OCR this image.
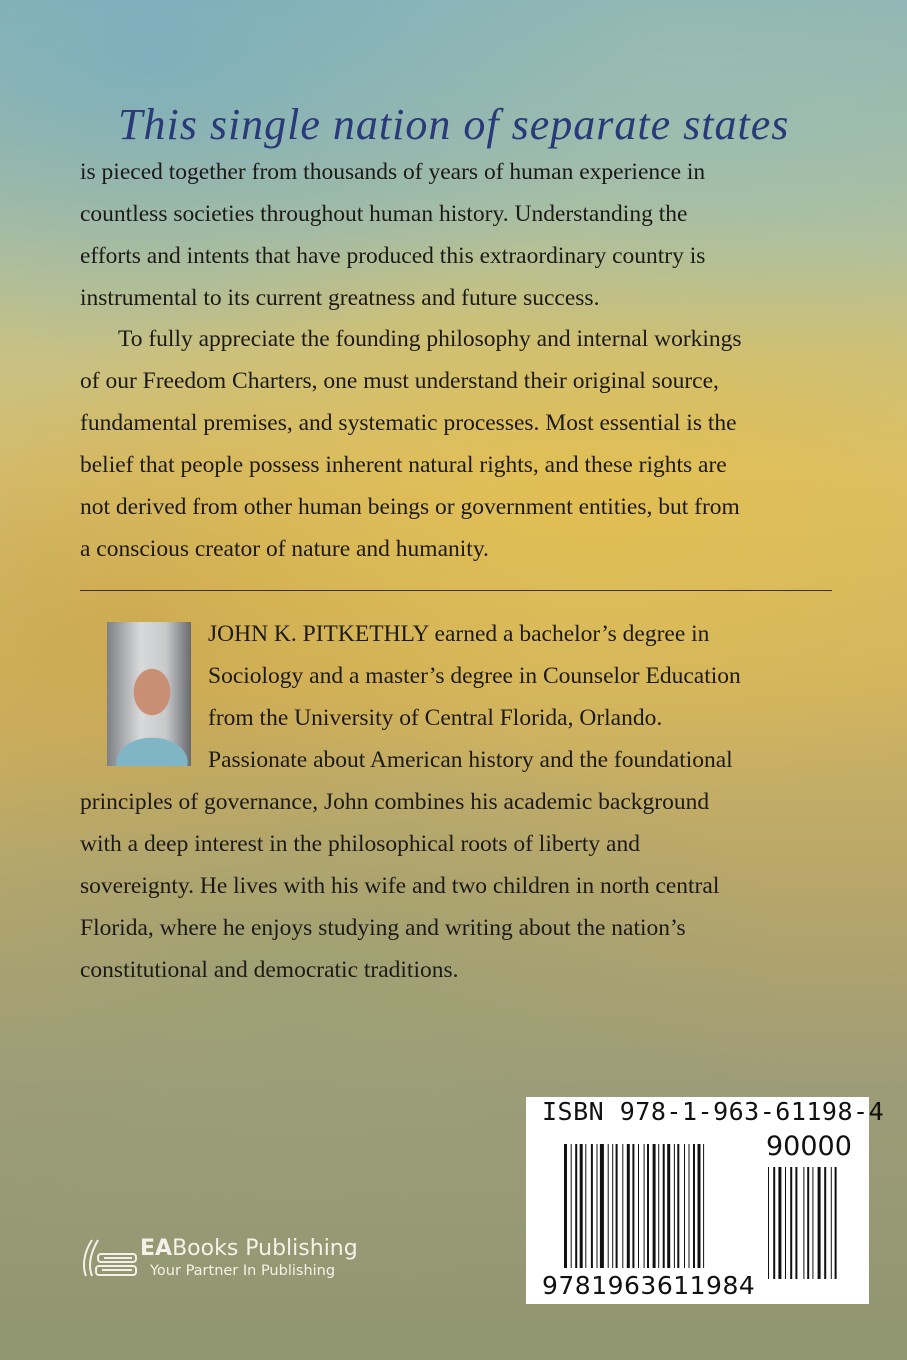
This single nation of separate states
is pieced together from thousands of years of human experience in
countless societies throughout human history. Understanding the
efforts and intents that have produced this extraordinary country is
instrumental to its current greatness and future success.
To fully appreciate the founding philosophy and internal workings
of our Freedom Charters, one must understand their original source,
fundamental premises, and systematic processes. Most essential is the
belief that people possess inherent natural rights, and these rights are
not derived from other human beings or government entities, but from
a conscious creator of nature and humanity.
JOHN K. PITKETHLY earned a bachelor’s degree in
Sociology and a master’s degree in Counselor Education
from the University of Central Florida, Orlando.
Passionate about American history and the foundational
principles of governance, John combines his academic background
with a deep interest in the philosophical roots of liberty and
sovereignty. He lives with his wife and two children in north central
Florida, where he enjoys studying and writing about the nation’s
constitutional and democratic traditions.
EABooks Publishing
Your Partner In Publishing
ISBN 978-1-963-61198-4
90000
9781963611984
